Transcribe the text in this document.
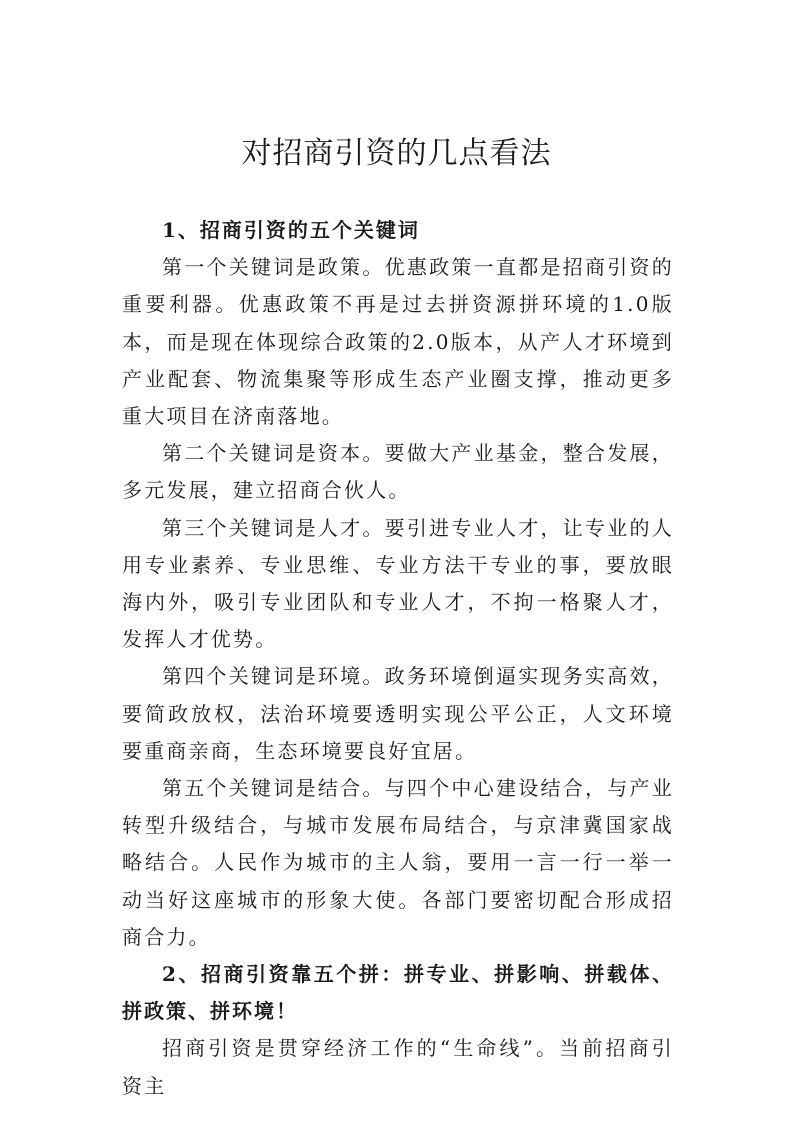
对招商引资的几点看法
1、招商引资的五个关键词

第一个关键词是政策。优惠政策一直都是招商引资的重要利器。优惠政策不再是过去拼资源拼环境的1.0版本，而是现在体现综合政策的2.0版本，从产人才环境到产业配套、物流集聚等形成生态产业圈支撑，推动更多重大项目在济南落地。

第二个关键词是资本。要做大产业基金，整合发展，多元发展，建立招商合伙人。

第三个关键词是人才。要引进专业人才，让专业的人用专业素养、专业思维、专业方法干专业的事，要放眼海内外，吸引专业团队和专业人才，不拘一格聚人才，发挥人才优势。

第四个关键词是环境。政务环境倒逼实现务实高效，要简政放权，法治环境要透明实现公平公正，人文环境要重商亲商，生态环境要良好宜居。

第五个关键词是结合。与四个中心建设结合，与产业转型升级结合，与城市发展布局结合，与京津冀国家战略结合。人民作为城市的主人翁，要用一言一行一举一动当好这座城市的形象大使。各部门要密切配合形成招商合力。

2、招商引资靠五个拼：拼专业、拼影响、拼载体、拼政策、拼环境！

招商引资是贯穿经济工作的“生命线”。当前招商引资主
